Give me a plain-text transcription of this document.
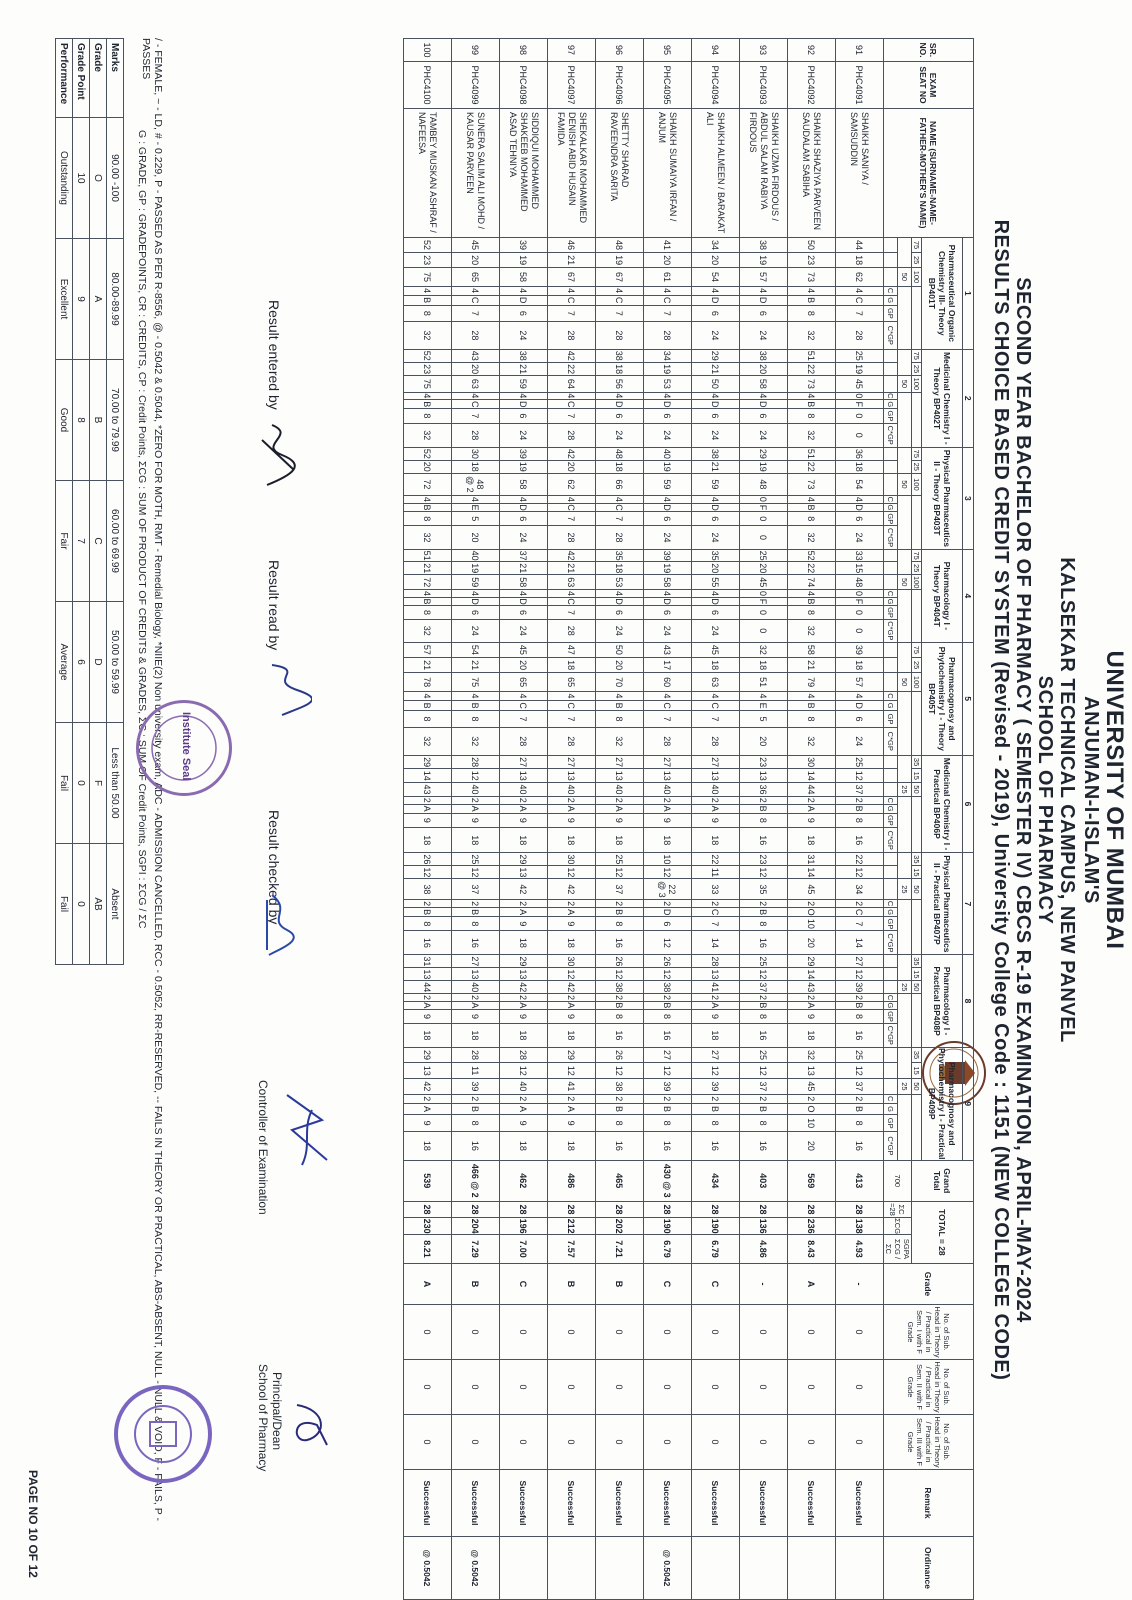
UNIVERSITY OF MUMBAI
ANJUMAN-I-ISLAM'S
KALSEKAR TECHNICAL CAMPUS, NEW PANVEL
SCHOOL OF PHARMACY
SECOND YEAR BACHELOR OF PHARMACY ( SEMESTER IV) CBCS R-19 EXAMINATION, APRIL-MAY-2024
RESULTS CHOICE BASED CREDIT SYSTEM (Revised - 2019), University College Code : 1151 (NEW COLLEGE CODE)
SR. NO.	EXAM SEAT NO	NAME (SURNAME-NAME-FATHER-MOTHER'S NAME)	1	2	3	4	5	6	7	8	9	Grand Total	TOTAL = 28	Grade	No. of Sub. Head in Theory / Practical in Sem. I with F Grade	No. of Sub. Head in Theory / Practical in Sem. II with F Grade	No. of Sub. Head in Theory / Practical in Sem. III with F Grade	Remark	Ordinance
Pharmaceutical Organic Chemistry III- Theory BP401T	Medicinal Chemistry I - Theory BP402T	Physical Pharmaceutics II - Theory BP403T	Pharmacology I - Theory BP404T	Pharmacognosy and Phytochemistry I - Theory BP405T	Medicinal Chemistry I - Practical BP406P	Physical Pharmaceutics II - Practical BP407P	Pharmacology I - Practical BP408P	Pharmacognosy and Phytochemistry I - Practical BP409P
75	25	100		75	25	100		75	25	100		75	25	100		75	25	100		35	15	50		35	15	50		35	15	50		35	15	50	
	50			50			50			50			50			25			25			25			25		700	ΣC =28	ΣCG	SGPA ΣCG / ΣC
			C	G	GP	C*GP				C	G	GP	C*GP				C	G	GP	C*GP				C	G	GP	C*GP				C	G	GP	C*GP				C	G	GP	C*GP				C	G	GP	C*GP				C	G	GP	C*GP				C	G	GP	C*GP
91	PHC4091	SHAIKH SANIYA / SAMSUDDIN	44	18	62	4	C	7	28	25	19	45	0	F	0	0	36	18	54	4	D	6	24	33	15	48	0	F	0	0	39	18	57	4	D	6	24	25	12	37	2	B	8	16	22	12	34	2	C	7	14	27	12	39	2	B	8	16	25	12	37	2	B	8	16	413	28	138	4.93	-	0	0	0	Successful	
92	PHC4092	SHAIKH SHAZIYA PARVEEN SAUDALAM SABIHA	50	23	73	4	B	8	32	51	22	73	4	B	8	32	51	22	73	4	B	8	32	52	22	74	4	B	8	32	58	21	79	4	B	8	32	30	14	44	2	A	9	18	31	14	45	2	O	10	20	29	14	43	2	A	9	18	32	13	45	2	O	10	20	569	28	236	8.43	A	0	0	0	Successful	
93	PHC4093	SHAIKH UZMA FIRDOUS / ABDUL SALAM RABIYA FIRDOUS	38	19	57	4	D	6	24	38	20	58	4	D	6	24	29	19	48	0	F	0	0	25	20	45	0	F	0	0	32	18	51	4	E	5	20	23	13	36	2	B	8	16	23	12	35	2	B	8	16	25	12	37	2	B	8	16	25	12	37	2	B	8	16	403	28	136	4.86	-	0	0	0	Successful	
94	PHC4094	SHAIKH ALMEEN / BARAKAT ALI	34	20	54	4	D	6	24	29	21	50	4	D	6	24	38	21	59	4	D	6	24	35	20	55	4	D	6	24	45	18	63	4	C	7	28	27	13	40	2	A	9	18	22	11	33	2	C	7	14	28	13	41	2	A	9	18	27	12	39	2	B	8	16	434	28	190	6.79	C	0	0	0	Successful	
95	PHC4095	SHAIKH SUMAIYA IRFAN / ANJUM	41	20	61	4	C	7	28	34	19	53	4	D	6	24	40	19	59	4	D	6	24	39	19	58	4	D	6	24	43	17	60	4	C	7	28	27	13	40	2	A	9	18	10	12	22 @ 3	2	D	6	12	26	12	38	2	B	8	16	27	12	39	2	B	8	16	430 @ 3	28	190	6.79	C	0	0	0	Successful	@ 0.5042
96	PHC4096	SHETTY SHARAD RAVEENDRA SARITA	48	19	67	4	C	7	28	38	18	56	4	D	6	24	48	18	66	4	C	7	28	35	18	53	4	D	6	24	50	20	70	4	B	8	32	27	13	40	2	A	9	18	25	12	37	2	B	8	16	26	12	38	2	B	8	16	26	12	38	2	B	8	16	465	28	202	7.21	B	0	0	0	Successful	
97	PHC4097	SHEKALKAR MOHAMMED DENISH ABID HUSAIN FAMIDA	46	21	67	4	C	7	28	42	22	64	4	C	7	28	42	20	62	4	C	7	28	42	21	63	4	C	7	28	47	18	65	4	C	7	28	27	13	40	2	A	9	18	30	12	42	2	A	9	18	30	12	42	2	A	9	18	29	12	41	2	A	9	18	486	28	212	7.57	B	0	0	0	Successful	
98	PHC4098	SIDDIQUI MOHAMMED SHAKEEB MOHAMMED ASAD TEHNIYA	39	19	58	4	D	6	24	38	21	59	4	D	6	24	39	19	58	4	D	6	24	37	21	58	4	D	6	24	45	20	65	4	C	7	28	27	13	40	2	A	9	18	29	13	42	2	A	9	18	29	13	42	2	A	9	18	28	12	40	2	A	9	18	462	28	196	7.00	C	0	0	0	Successful	
99	PHC4099	SUNERA SALIM ALI MOHD / KAUSAR PARVEEN	45	20	65	4	C	7	28	43	20	63	4	C	7	28	30	18	48 @ 2	4	E	5	20	40	19	59	4	D	6	24	54	21	75	4	B	8	32	28	12	40	2	A	9	18	25	12	37	2	B	8	16	27	13	40	2	A	9	18	28	11	39	2	B	8	16	466 @ 2	28	204	7.29	B	0	0	0	Successful	@ 0.5042
100	PHC4100	TAMBEY MUSKAN ASHRAF / NAFEESA	52	23	75	4	B	8	32	52	23	75	4	B	8	32	52	20	72	4	B	8	32	51	21	72	4	B	8	32	57	21	78	4	B	8	32	29	14	43	2	A	9	18	26	12	38	2	B	8	16	31	13	44	2	A	9	18	29	13	42	2	A	9	18	539	28	230	8.21	A	0	0	0	Successful	@ 0.5042
/ - FEMALE, ~ - LD, # - 0.229, P - PASSED AS PER R-8556, @ - 0.5042 & 0.5044, *ZERO FOR MOTH, RMT - Remedial Biology, *NIIE(2) Non university exam, ADC - ADMISSION CANCELLED, RCC - 0.5052, RR-RESERVED, -- FAILS IN THEORY OR PRACTICAL, ABS-ABSENT, NULL - NULL & VOID, F - FAILS, P - PASSES
G : GRADE, GP : GRADEPOINTS, CR : CREDITS, CP : Credit Points, ΣCG : SUM OF PRODUCT OF CREDITS & GRADES, ΣC : SUM OF Credit Points, SGPI : ΣCG / ΣC
Marks	90.00 -100	80.00-89.99	70.00 to 79.99	60.00 to 69.99	50.00 to 59.99	Less than 50.00	Absent
Grade	O	A	B	C	D	F	AB
Grade Point	10	9	8	7	6	0	0
Performance	Outstanding	Excellent	Good	Fair	Average	Fail	Fail
Result entered by
Result read by
Result checked by
Controller of Examination
Principal/Dean
School of Pharmacy
Institute Seal
PAGE NO 10 OF 12
